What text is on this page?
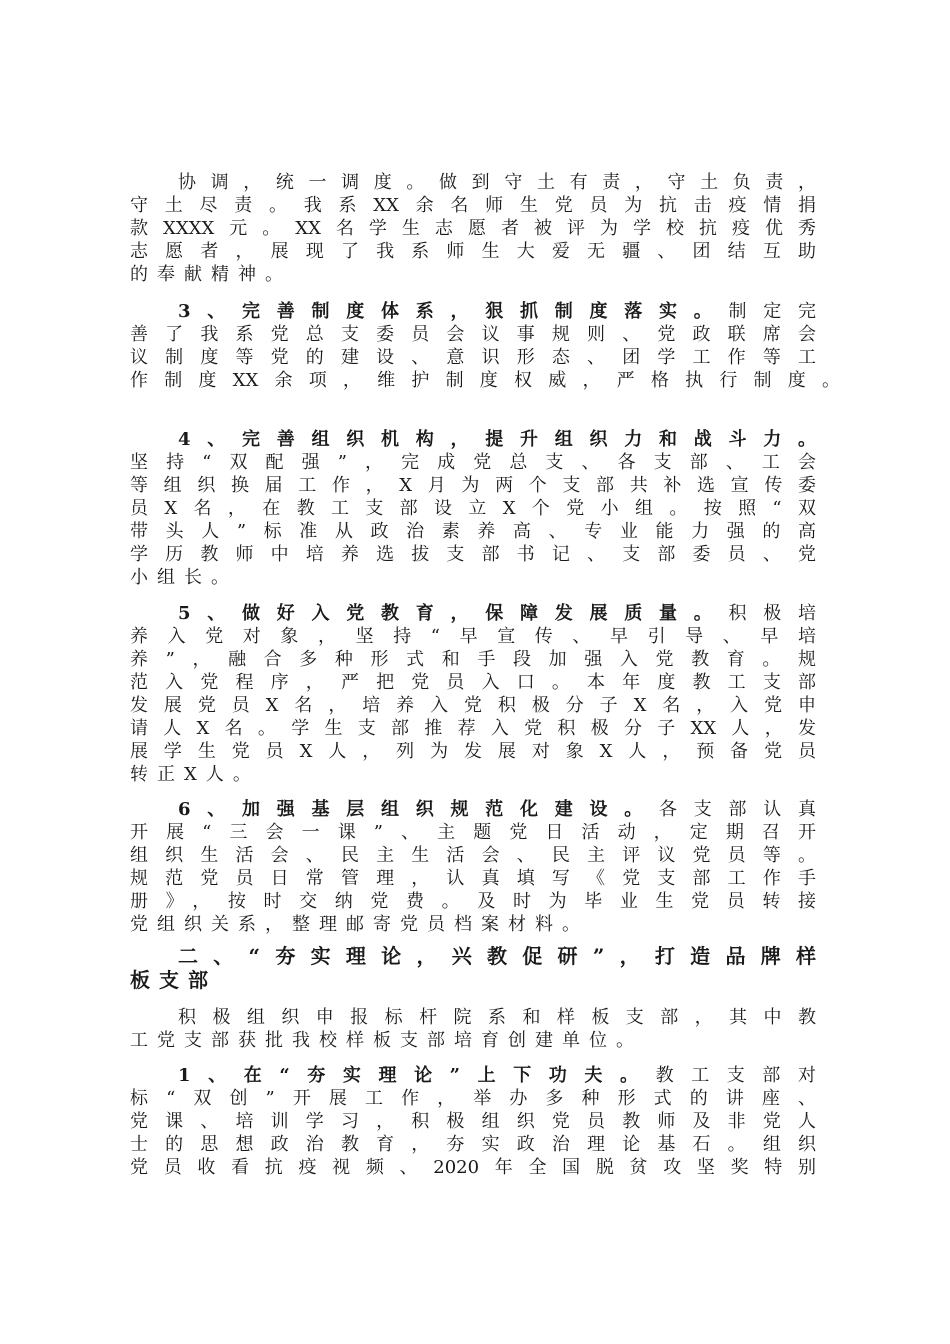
协调，统一调度。做到守土有责，守土负责，
守土尽责。我系XX余名师生党员为抗击疫情捐
款XXXX元。XX名学生志愿者被评为学校抗疫优秀
志愿者，展现了我系师生大爱无疆、团结互助
的奉献精神。
3、完善制度体系，狠抓制度落实。制定完
善了我系党总支委员会议事规则、党政联席会
议制度等党的建设、意识形态、团学工作等工
作制度XX余项，维护制度权威，严格执行制度。
4、完善组织机构，提升组织力和战斗力。
坚持“双配强”，完成党总支、各支部、工会
等组织换届工作，X月为两个支部共补选宣传委
员X名，在教工支部设立X个党小组。按照“双
带头人”标准从政治素养高、专业能力强的高
学历教师中培养选拔支部书记、支部委员、党
小组长。
5、做好入党教育，保障发展质量。积极培
养入党对象，坚持“早宣传、早引导、早培
养”，融合多种形式和手段加强入党教育。规
范入党程序，严把党员入口。本年度教工支部
发展党员X名，培养入党积极分子X名，入党申
请人X名。学生支部推荐入党积极分子XX人，发
展学生党员X人，列为发展对象X人，预备党员
转正X人。
6、加强基层组织规范化建设。各支部认真
开展“三会一课”、主题党日活动，定期召开
组织生活会、民主生活会、民主评议党员等。
规范党员日常管理，认真填写《党支部工作手
册》，按时交纳党费。及时为毕业生党员转接
党组织关系，整理邮寄党员档案材料。
二、“夯实理论，兴教促研”，打造品牌样
板支部
积极组织申报标杆院系和样板支部，其中教
工党支部获批我校样板支部培育创建单位。
1、在“夯实理论”上下功夫。教工支部对
标“双创”开展工作，举办多种形式的讲座、
党课、培训学习，积极组织党员教师及非党人
士的思想政治教育，夯实政治理论基石。组织
党员收看抗疫视频、2020年全国脱贫攻坚奖特别
